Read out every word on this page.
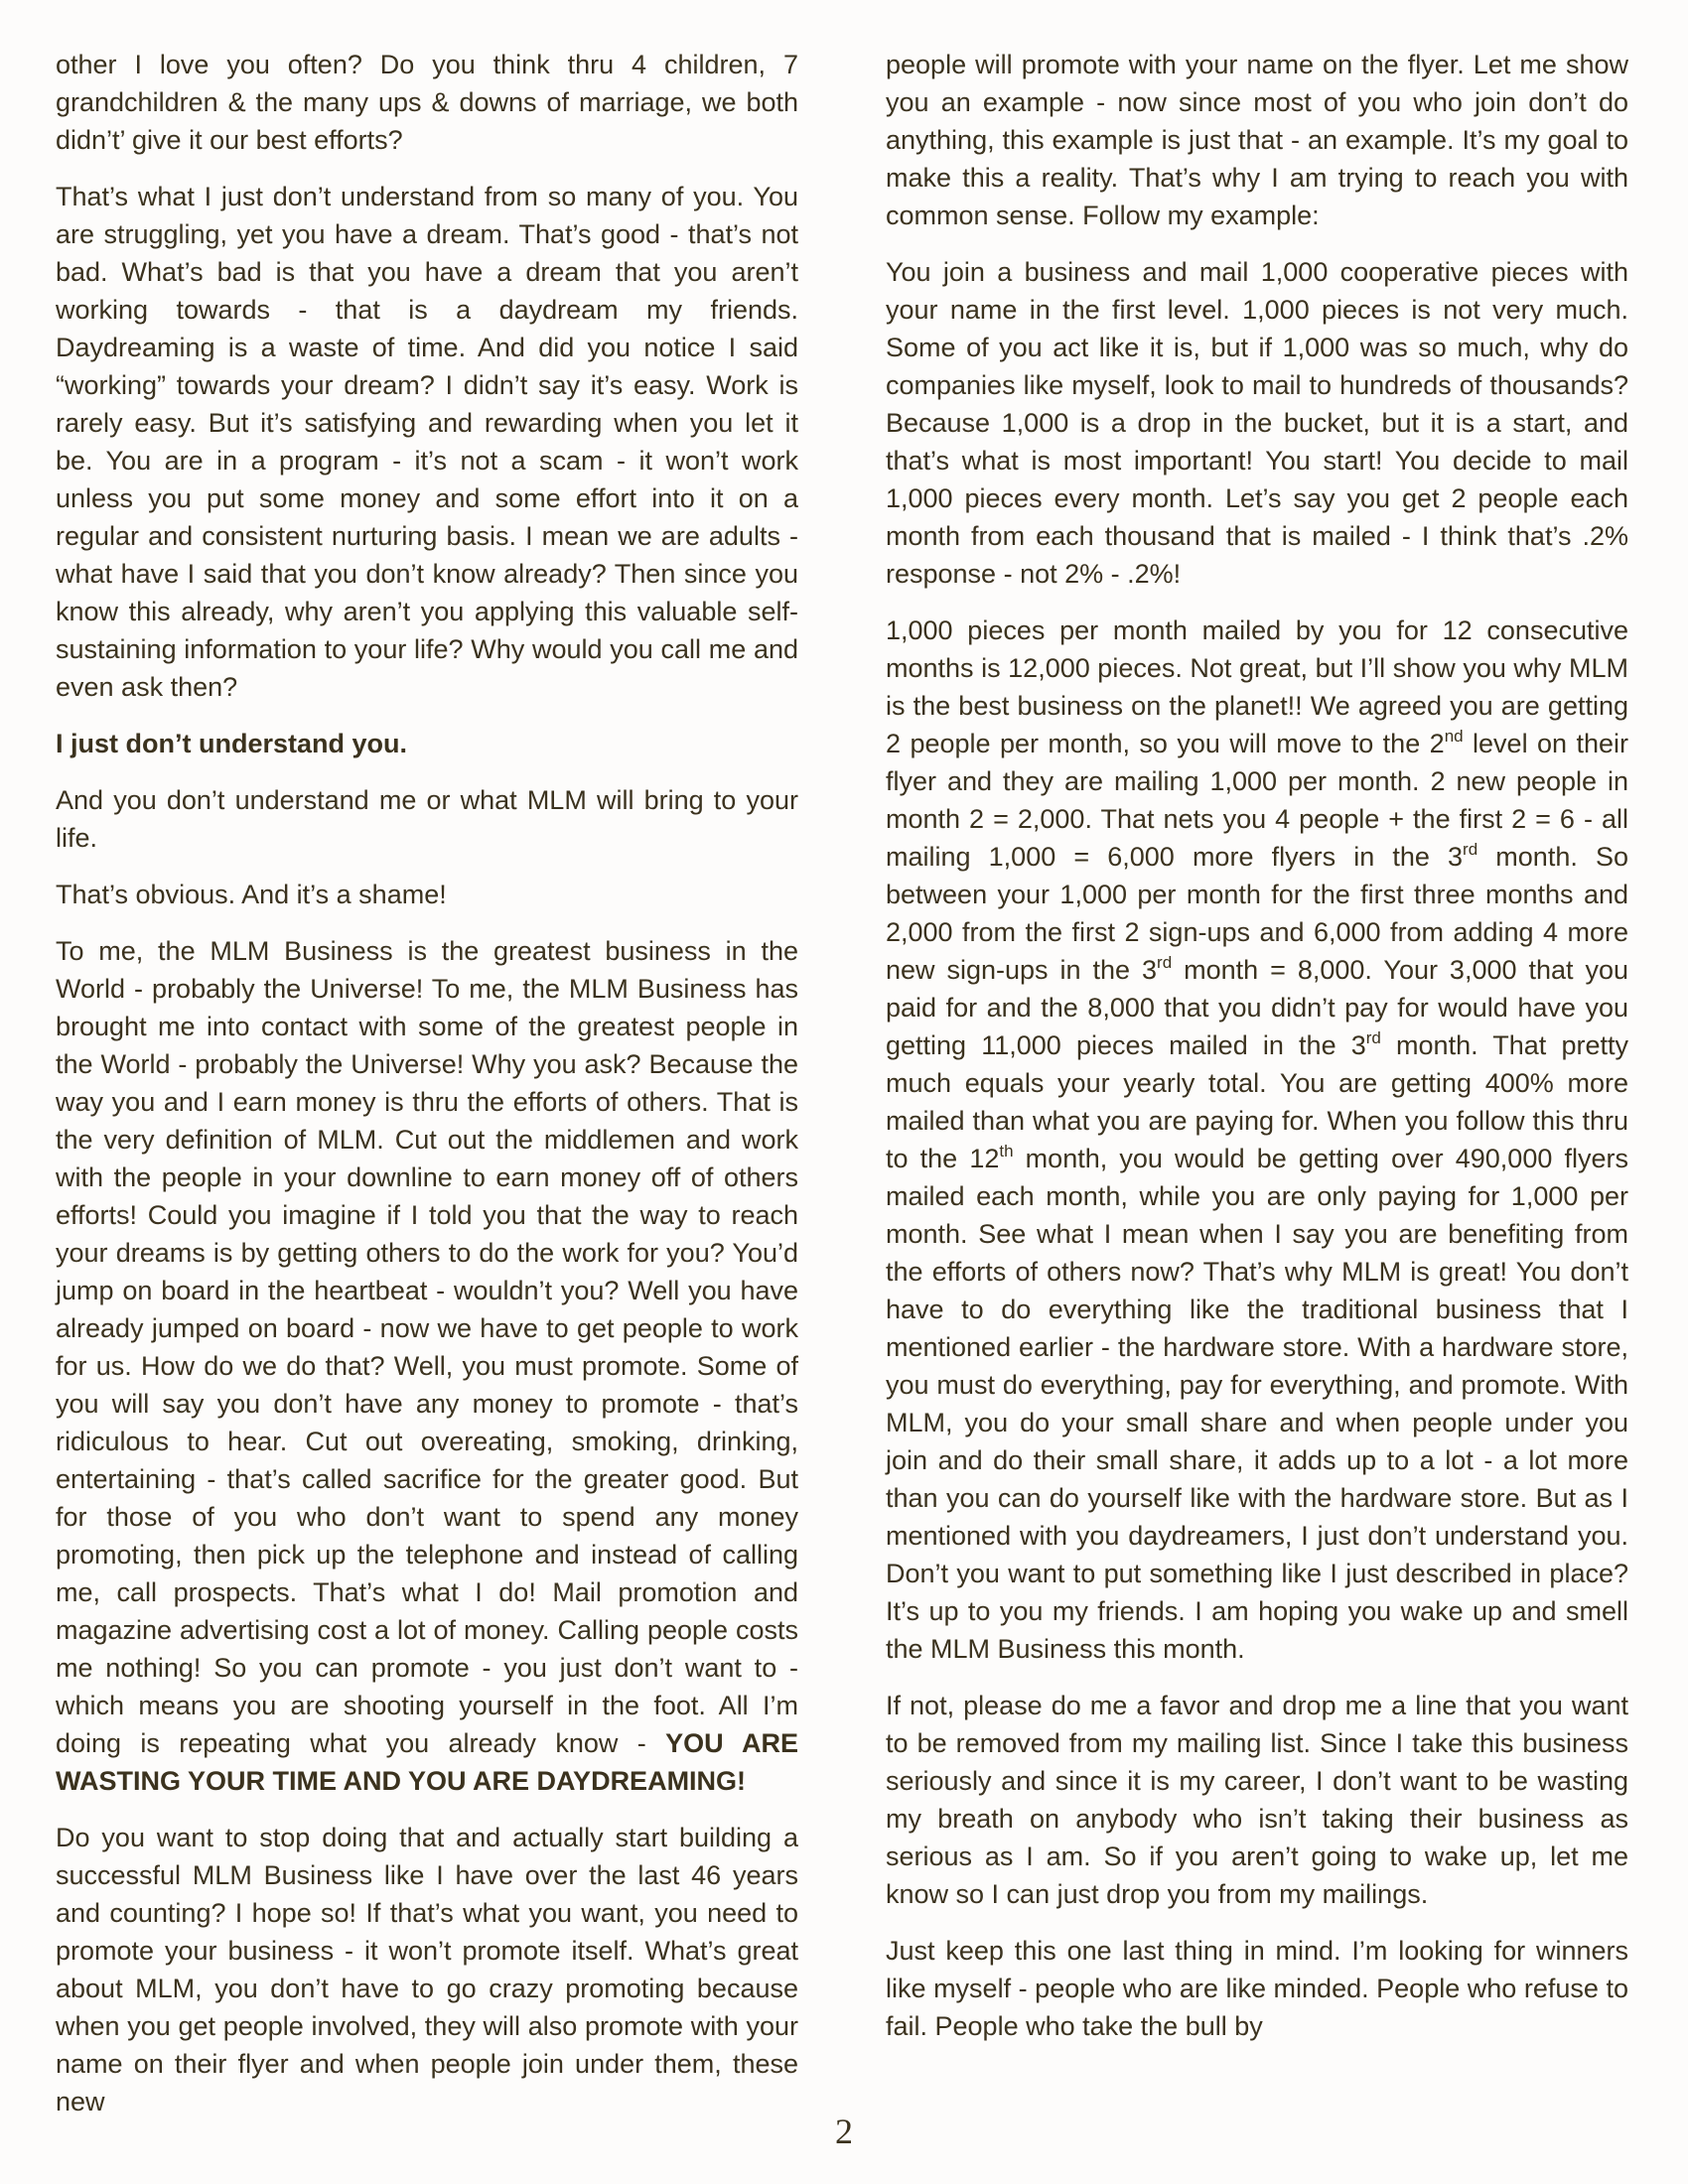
other I love you often? Do you think thru 4 children, 7 grandchildren & the many ups & downs of marriage, we both didn’t’ give it our best efforts?

That’s what I just don’t understand from so many of you. You are struggling, yet you have a dream. That’s good - that’s not bad. What’s bad is that you have a dream that you aren’t working towards - that is a daydream my friends. Daydreaming is a waste of time. And did you notice I said “working” towards your dream? I didn’t say it’s easy. Work is rarely easy. But it’s satisfying and rewarding when you let it be. You are in a program - it’s not a scam - it won’t work unless you put some money and some effort into it on a regular and consistent nurturing basis. I mean we are adults - what have I said that you don’t know already? Then since you know this already, why aren’t you applying this valuable self-sustaining information to your life? Why would you call me and even ask then?

I just don’t understand you.

And you don’t understand me or what MLM will bring to your life.

That’s obvious. And it’s a shame!

To me, the MLM Business is the greatest business in the World - probably the Universe! To me, the MLM Business has brought me into contact with some of the greatest people in the World - probably the Universe! Why you ask? Because the way you and I earn money is thru the efforts of others. That is the very definition of MLM. Cut out the middlemen and work with the people in your downline to earn money off of others efforts! Could you imagine if I told you that the way to reach your dreams is by getting others to do the work for you? You’d jump on board in the heartbeat - wouldn’t you? Well you have already jumped on board - now we have to get people to work for us. How do we do that? Well, you must promote. Some of you will say you don’t have any money to promote - that’s ridiculous to hear. Cut out overeating, smoking, drinking, entertaining - that’s called sacrifice for the greater good. But for those of you who don’t want to spend any money promoting, then pick up the telephone and instead of calling me, call prospects. That’s what I do! Mail promotion and magazine advertising cost a lot of money. Calling people costs me nothing! So you can promote - you just don’t want to - which means you are shooting yourself in the foot. All I’m doing is repeating what you already know - YOU ARE WASTING YOUR TIME AND YOU ARE DAYDREAMING!

Do you want to stop doing that and actually start building a successful MLM Business like I have over the last 46 years and counting? I hope so! If that’s what you want, you need to promote your business - it won’t promote itself. What’s great about MLM, you don’t have to go crazy promoting because when you get people involved, they will also promote with your name on their flyer and when people join under them, these new

people will promote with your name on the flyer. Let me show you an example - now since most of you who join don’t do anything, this example is just that - an example. It’s my goal to make this a reality. That’s why I am trying to reach you with common sense. Follow my example:

You join a business and mail 1,000 cooperative pieces with your name in the first level. 1,000 pieces is not very much. Some of you act like it is, but if 1,000 was so much, why do companies like myself, look to mail to hundreds of thousands? Because 1,000 is a drop in the bucket, but it is a start, and that’s what is most important! You start! You decide to mail 1,000 pieces every month. Let’s say you get 2 people each month from each thousand that is mailed - I think that’s .2% response - not 2% - .2%!

1,000 pieces per month mailed by you for 12 consecutive months is 12,000 pieces. Not great, but I’ll show you why MLM is the best business on the planet!! We agreed you are getting 2 people per month, so you will move to the 2nd level on their flyer and they are mailing 1,000 per month. 2 new people in month 2 = 2,000. That nets you 4 people + the first 2 = 6 - all mailing 1,000 = 6,000 more flyers in the 3rd month. So between your 1,000 per month for the first three months and 2,000 from the first 2 sign-ups and 6,000 from adding 4 more new sign-ups in the 3rd month = 8,000. Your 3,000 that you paid for and the 8,000 that you didn’t pay for would have you getting 11,000 pieces mailed in the 3rd month. That pretty much equals your yearly total. You are getting 400% more mailed than what you are paying for. When you follow this thru to the 12th month, you would be getting over 490,000 flyers mailed each month, while you are only paying for 1,000 per month. See what I mean when I say you are benefiting from the efforts of others now? That’s why MLM is great! You don’t have to do everything like the traditional business that I mentioned earlier - the hardware store. With a hardware store, you must do everything, pay for everything, and promote. With MLM, you do your small share and when people under you join and do their small share, it adds up to a lot - a lot more than you can do yourself like with the hardware store. But as I mentioned with you daydreamers, I just don’t understand you. Don’t you want to put something like I just described in place? It’s up to you my friends. I am hoping you wake up and smell the MLM Business this month.

If not, please do me a favor and drop me a line that you want to be removed from my mailing list. Since I take this business seriously and since it is my career, I don’t want to be wasting my breath on anybody who isn’t taking their business as serious as I am. So if you aren’t going to wake up, let me know so I can just drop you from my mailings.

Just keep this one last thing in mind. I’m looking for winners like myself - people who are like minded. People who refuse to fail. People who take the bull by

2
